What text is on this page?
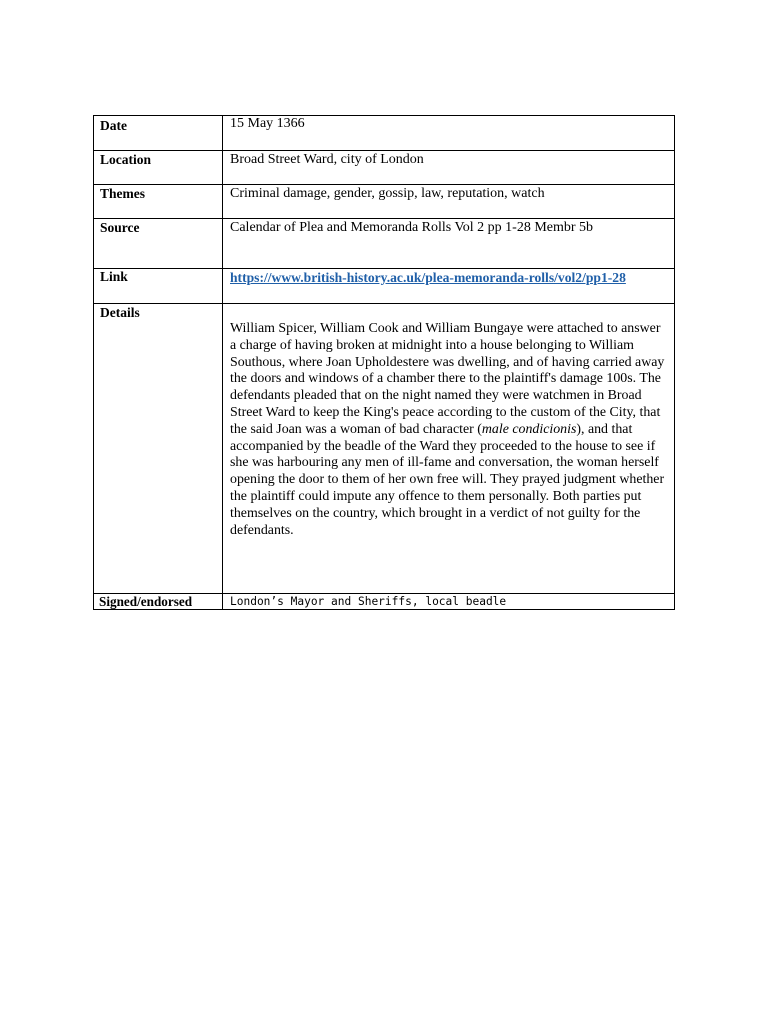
Date	15 May 1366

Location	Broad Street Ward, city of London

Themes	Criminal damage, gender, gossip, law, reputation, watch

Source	Calendar of Plea and Memoranda Rolls Vol 2 pp 1-28 Membr 5b

Link	https://www.british-history.ac.uk/plea-memoranda-rolls/vol2/pp1-28

Details	William Spicer, William Cook and William Bungaye were attached to answer a charge of having broken at midnight into a house belonging to William Southous, where Joan Upholdestere was dwelling, and of having carried away the doors and windows of a chamber there to the plaintiff's damage 100s. The defendants pleaded that on the night named they were watchmen in Broad Street Ward to keep the King's peace according to the custom of the City, that the said Joan was a woman of bad character (male condicionis), and that accompanied by the beadle of the Ward they proceeded to the house to see if she was harbouring any men of ill-fame and conversation, the woman herself opening the door to them of her own free will. They prayed judgment whether the plaintiff could impute any offence to them personally. Both parties put themselves on the country, which brought in a verdict of not guilty for the defendants.

Signed/endorsed	London’s Mayor and Sheriffs, local beadle
